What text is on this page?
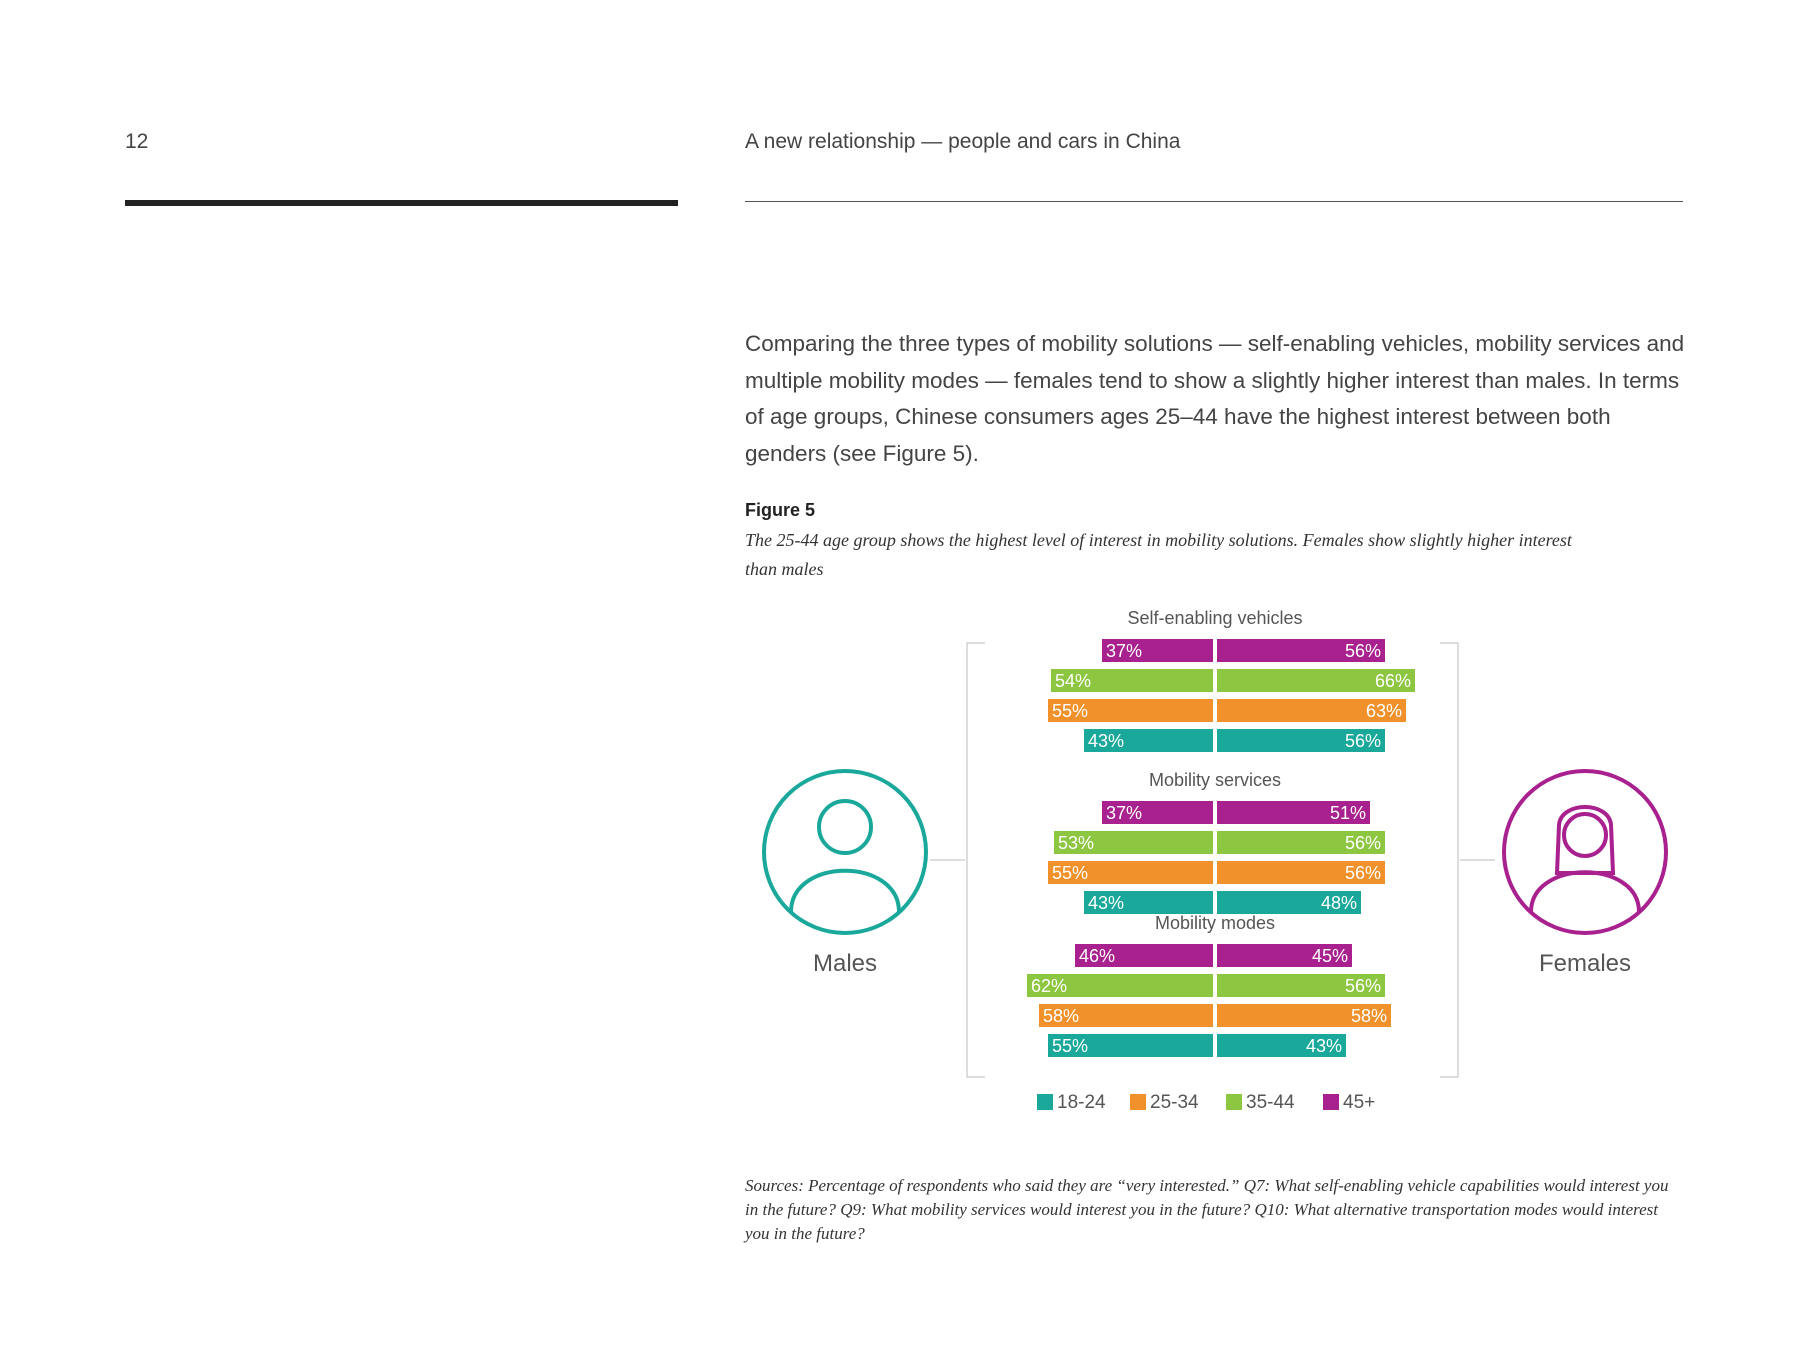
12	A new relationship — people and cars in China

Comparing the three types of mobility solutions — self-enabling vehicles, mobility services and multiple mobility modes — females tend to show a slightly higher interest than males. In terms of age groups, Chinese consumers ages 25–44 have the highest interest between both genders (see Figure 5).

Figure 5

The 25-44 age group shows the highest level of interest in mobility solutions. Females show slightly higher interest than males

Males	Females
Self-enabling vehicles
37%	56%
54%	66%
55%	63%
43%	56%
Mobility services
37%	51%
53%	56%
55%	56%
43%	48%
Mobility modes
46%	45%
62%	56%
58%	58%
55%	43%
18-24 25-34 35-44	45+

Sources: Percentage of respondents who said they are “very interested.” Q7: What self-enabling vehicle capabilities would interest you in the future? Q9: What mobility services would interest you in the future? Q10: What alternative transportation modes would interest you in the future?
